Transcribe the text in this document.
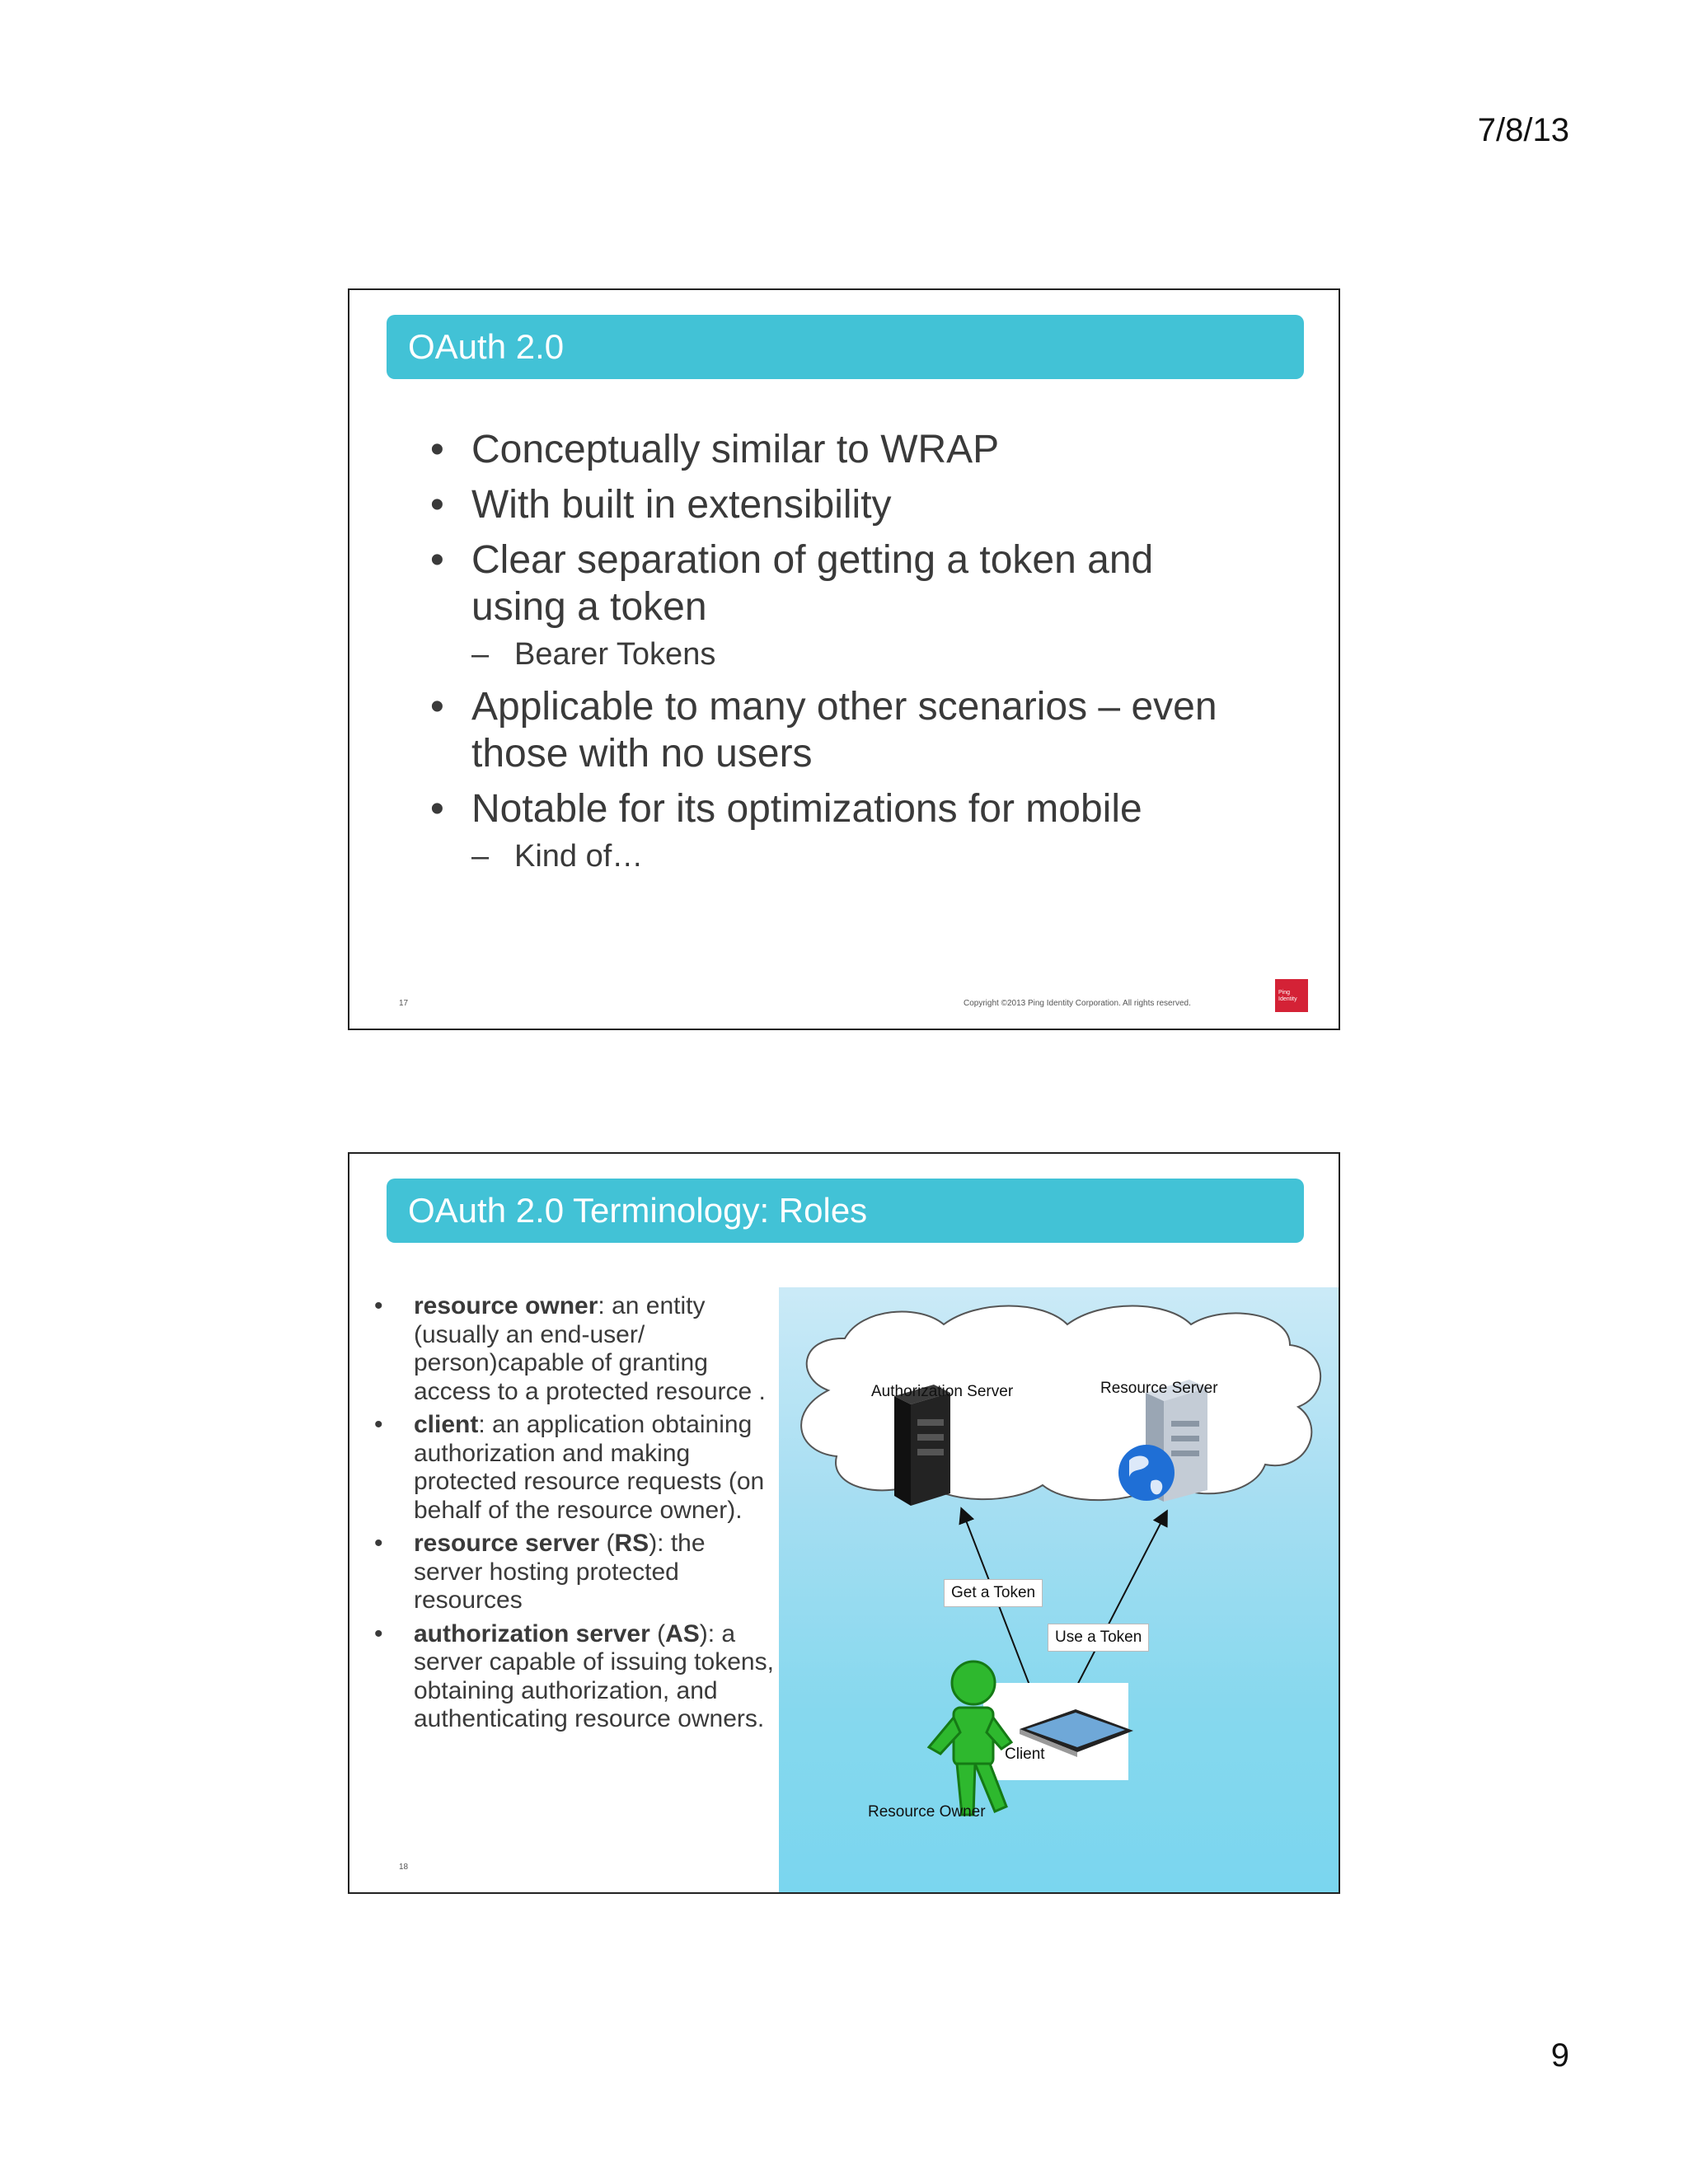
7/8/13
OAuth 2.0
• Conceptually similar to WRAP
• With built in extensibility
• Clear separation of getting a token and using a token
– Bearer Tokens
• Applicable to many other scenarios – even those with no users
• Notable for its optimizations for mobile
– Kind of…
17	Copyright ©2013 Ping Identity Corporation. All rights reserved.
Ping
Identity
OAuth 2.0 Terminology: Roles
• resource owner: an entity (usually an end-user/ person)capable of granting access to a protected resource .
• client: an application obtaining authorization and making protected resource requests (on behalf of the resource owner).
• resource server (RS): the server hosting protected resources
• authorization server (AS): a server capable of issuing tokens, obtaining authorization, and authenticating resource owners.
18
Authorization Server	Resource Server
Get a Token
Use a Token
Client
Resource Owner
9
